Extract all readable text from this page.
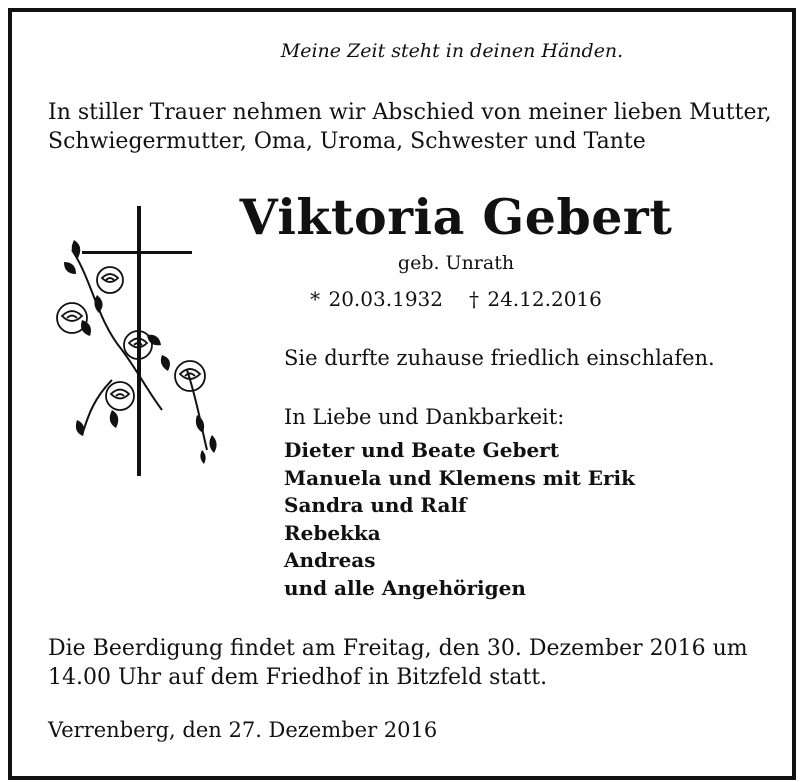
Meine Zeit steht in deinen Händen.
In stiller Trauer nehmen wir Abschied von meiner lieben Mutter,
Schwiegermutter, Oma, Uroma, Schwester und Tante
Viktoria Gebert
geb. Unrath
* 20.03.1932 † 24.12.2016
Sie durfte zuhause friedlich einschlafen.
In Liebe und Dankbarkeit:
Dieter und Beate Gebert
Manuela und Klemens mit Erik
Sandra und Ralf
Rebekka
Andreas
und alle Angehörigen
Die Beerdigung findet am Freitag, den 30. Dezember 2016 um
14.00 Uhr auf dem Friedhof in Bitzfeld statt.
Verrenberg, den 27. Dezember 2016
